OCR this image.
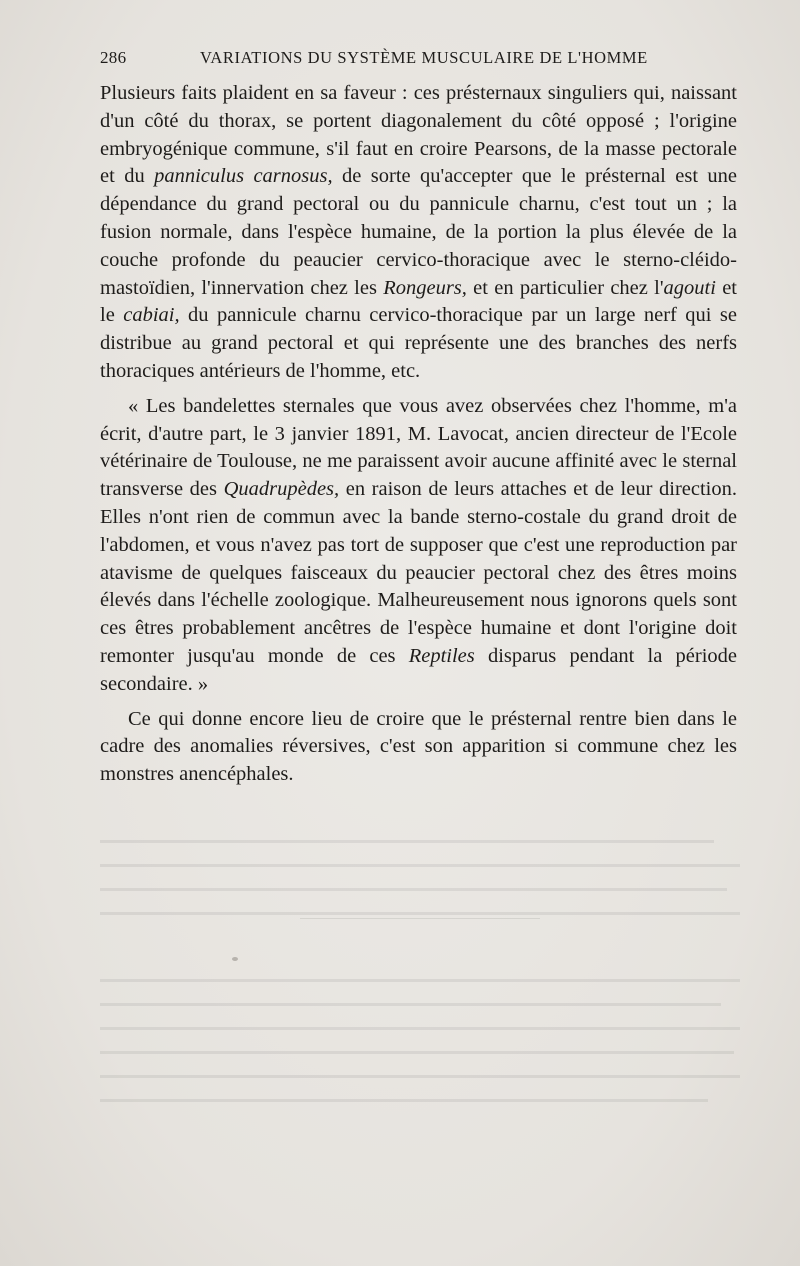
286	VARIATIONS DU SYSTÈME MUSCULAIRE DE L'HOMME

Plusieurs faits plaident en sa faveur : ces présternaux singuliers qui, naissant d'un côté du thorax, se portent diagonalement du côté opposé ; l'origine embryogénique commune, s'il faut en croire Pearsons, de la masse pectorale et du panniculus carnosus, de sorte qu'accepter que le présternal est une dépendance du grand pectoral ou du pannicule charnu, c'est tout un ; la fusion normale, dans l'espèce humaine, de la portion la plus élevée de la couche profonde du peaucier cervico-thoracique avec le sterno-cléido-mastoïdien, l'innervation chez les Rongeurs, et en particulier chez l'agouti et le cabiai, du pannicule charnu cervico-thoracique par un large nerf qui se distribue au grand pectoral et qui représente une des branches des nerfs thoraciques antérieurs de l'homme, etc.

« Les bandelettes sternales que vous avez observées chez l'homme, m'a écrit, d'autre part, le 3 janvier 1891, M. Lavocat, ancien directeur de l'Ecole vétérinaire de Toulouse, ne me paraissent avoir aucune affinité avec le sternal transverse des Quadrupèdes, en raison de leurs attaches et de leur direction. Elles n'ont rien de commun avec la bande sterno-costale du grand droit de l'abdomen, et vous n'avez pas tort de supposer que c'est une reproduction par atavisme de quelques faisceaux du peaucier pectoral chez des êtres moins élevés dans l'échelle zoologique. Malheureusement nous ignorons quels sont ces êtres probablement ancêtres de l'espèce humaine et dont l'origine doit remonter jusqu'au monde de ces Reptiles disparus pendant la période secondaire. »

Ce qui donne encore lieu de croire que le présternal rentre bien dans le cadre des anomalies réversives, c'est son apparition si commune chez les monstres anencéphales.
